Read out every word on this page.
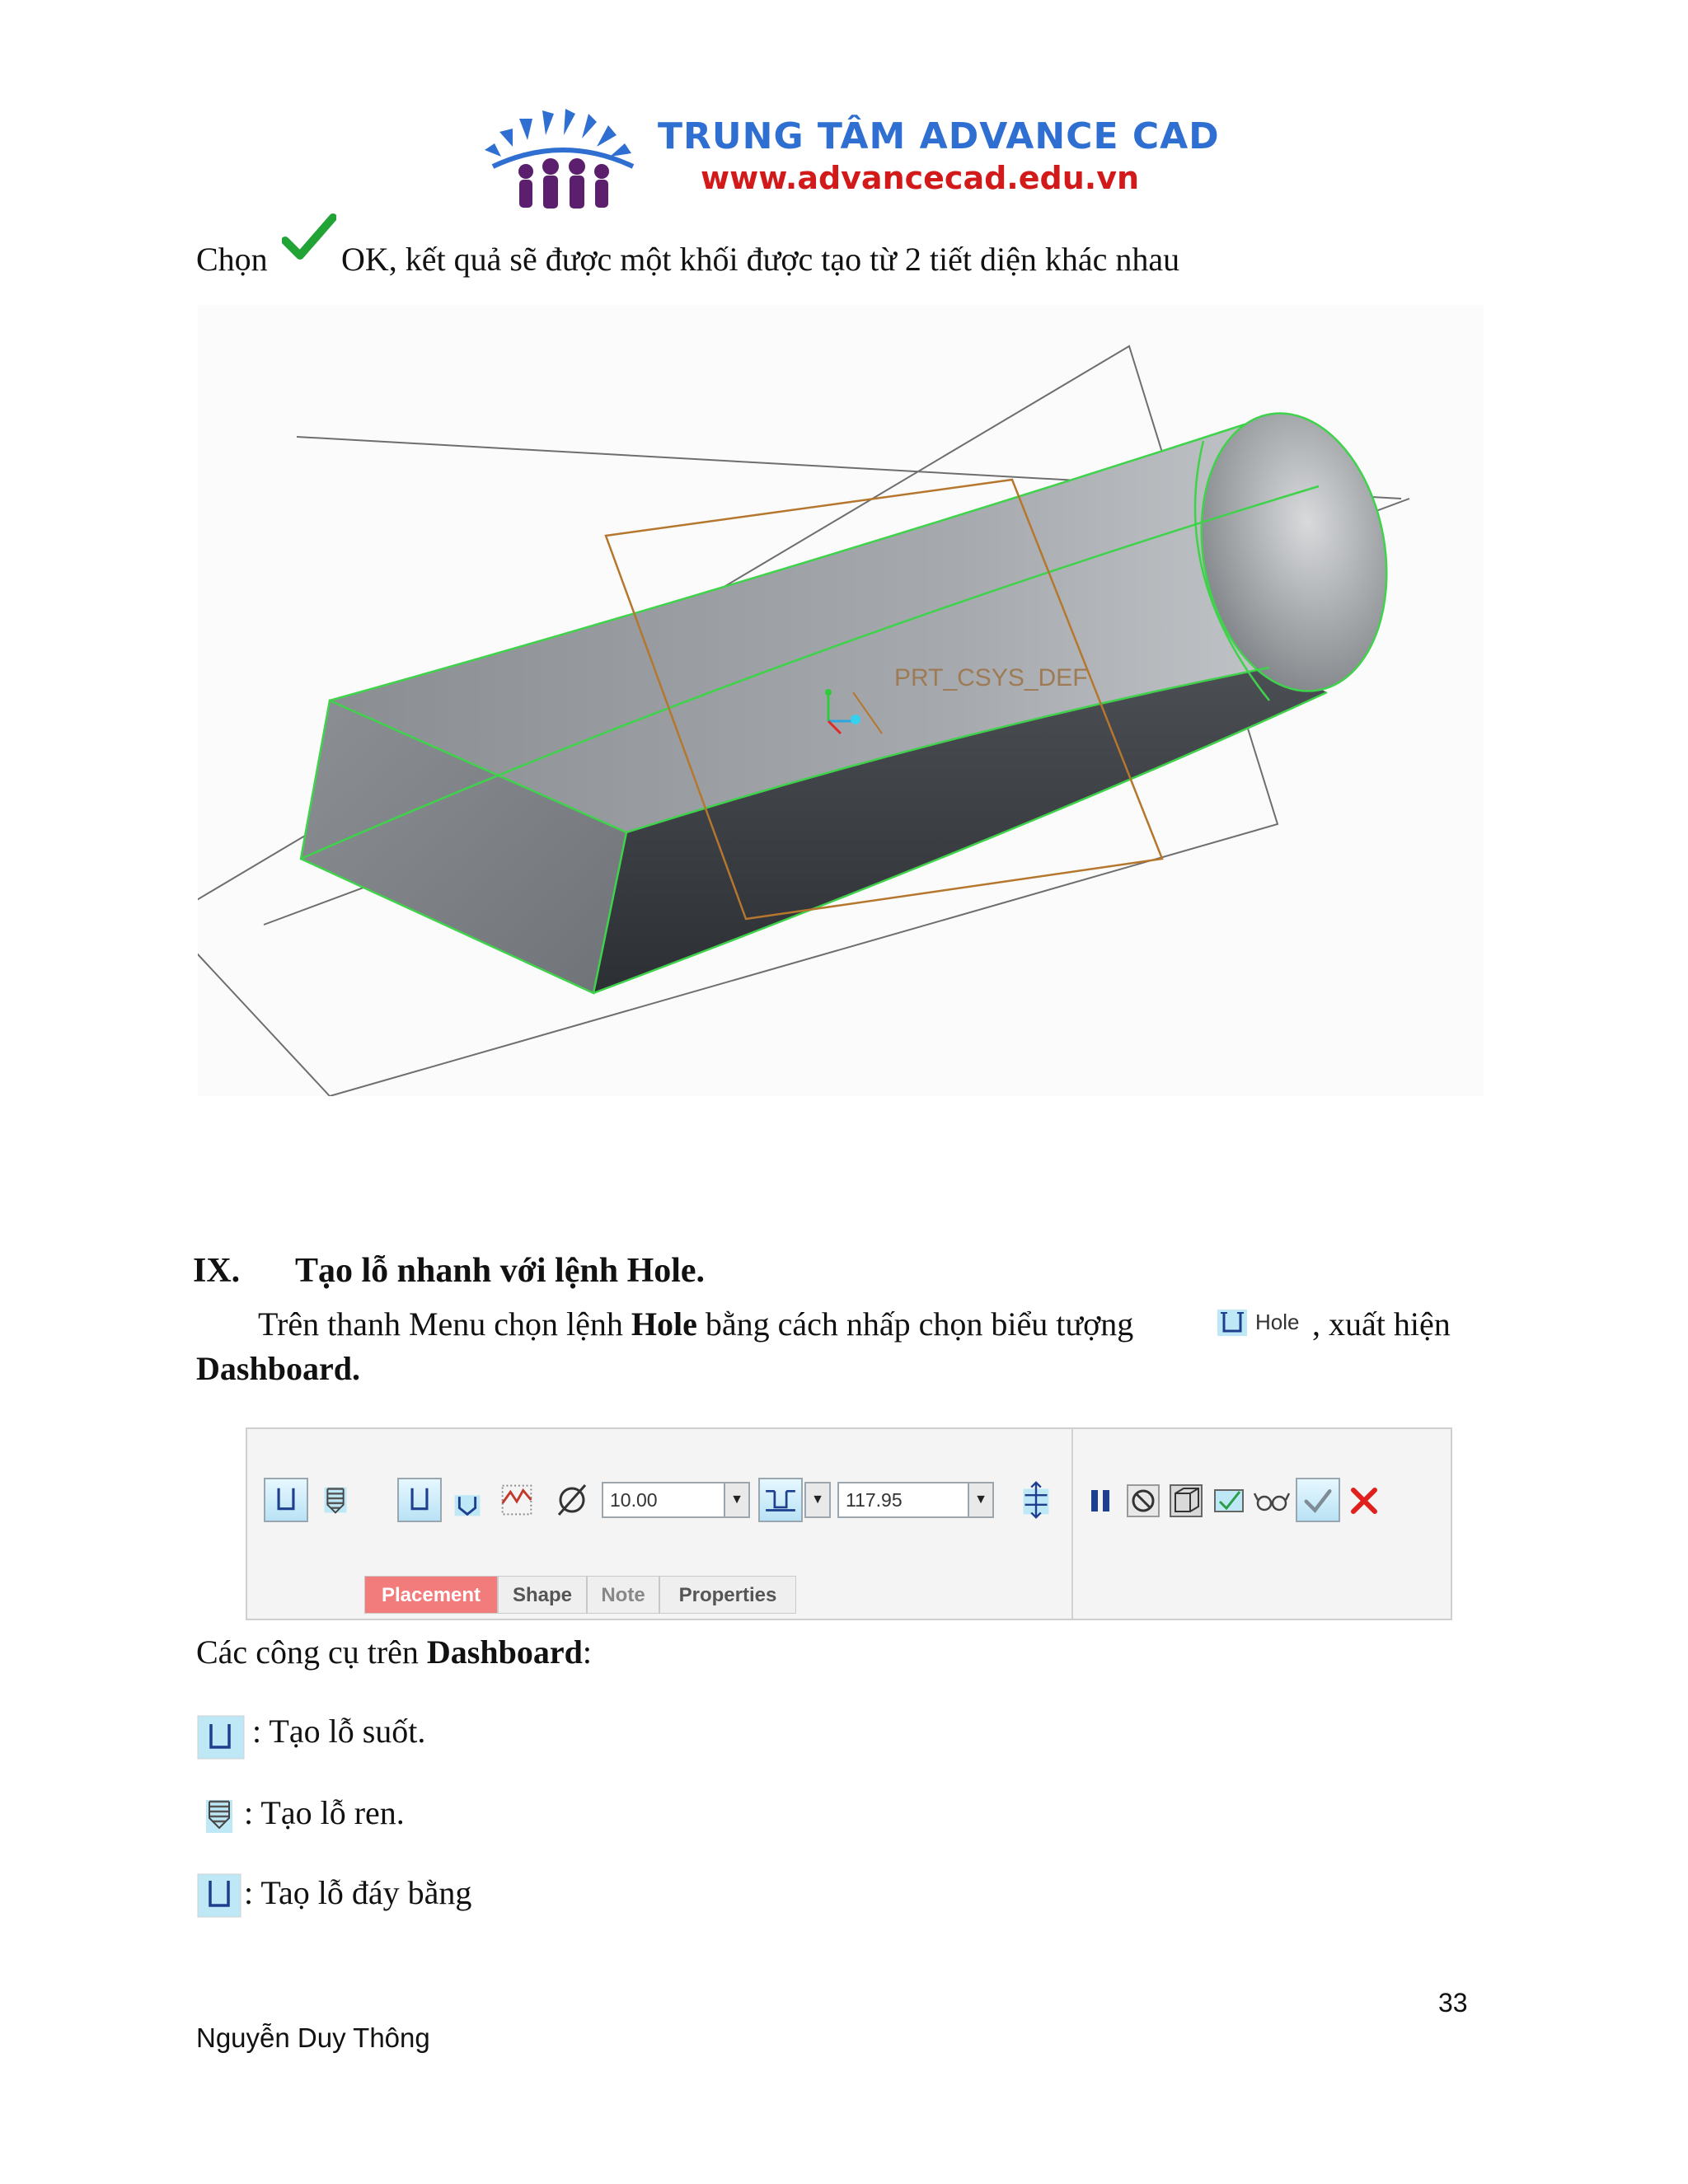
TRUNG TÂM ADVANCE CAD
www.advancecad.edu.vn
Chọn OK, kết quả sẽ được một khối được tạo từ 2 tiết diện khác nhau
PRT_CSYS_DEF
IX. Tạo lỗ nhanh với lệnh Hole.
Trên thanh Menu chọn lệnh Hole bằng cách nhấp chọn biểu tượng	Hole , xuất hiện
Dashboard.
10.00	▼	▼	117.95	▼
Placement	Shape	Note	Properties
Các công cụ trên Dashboard:
: Tạo lỗ suốt.
: Tạo lỗ ren.
: Taọ lỗ đáy bằng
33
Nguyễn Duy Thông
